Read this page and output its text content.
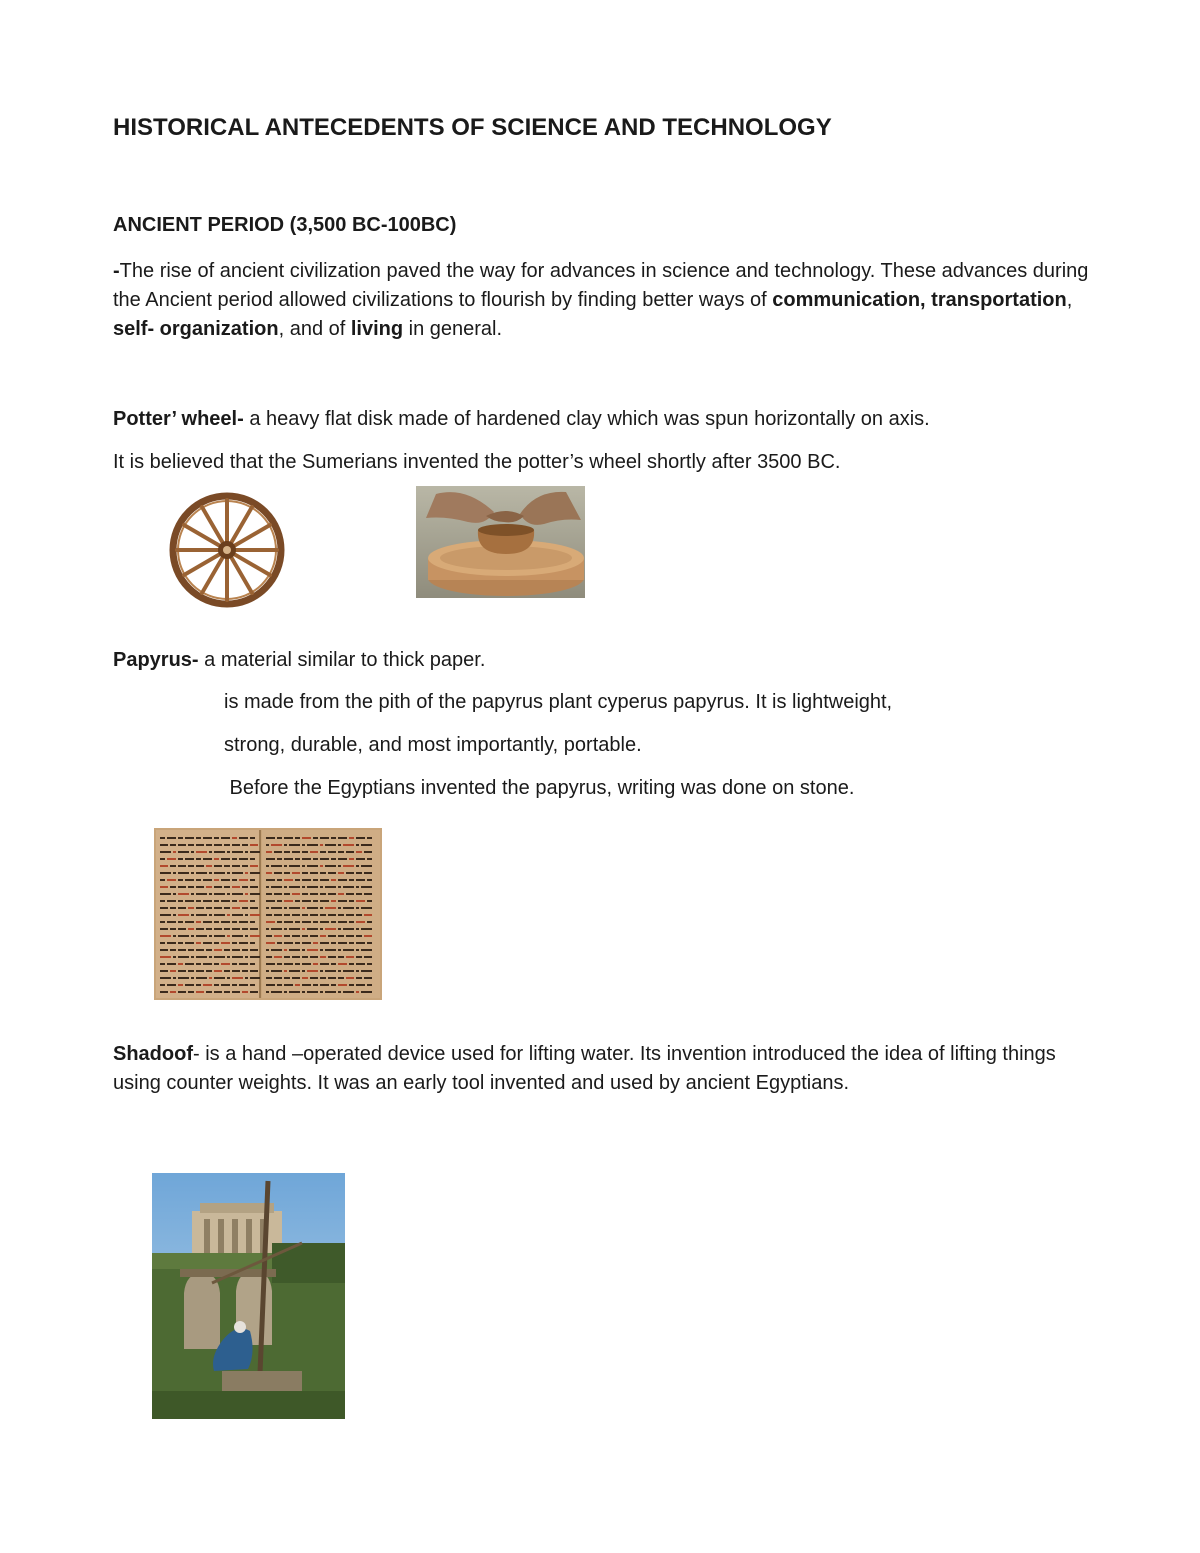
HISTORICAL ANTECEDENTS OF SCIENCE AND TECHNOLOGY
ANCIENT PERIOD (3,500 BC-100BC)
-The rise of ancient civilization paved the way for advances in science and technology. These advances during the Ancient period allowed civilizations to flourish by finding better ways of communication, transportation, self- organization, and of living in general.
Potter’ wheel- a heavy flat disk made of hardened clay which was spun horizontally on axis.
It is believed that the Sumerians invented the potter’s wheel shortly after 3500 BC.
Papyrus- a material similar to thick paper.
is made from the pith of the papyrus plant cyperus papyrus. It is lightweight,
strong, durable, and most importantly, portable.
Before the Egyptians invented the papyrus, writing was done on stone.
Shadoof- is a hand –operated device used for lifting water. Its invention introduced the idea of lifting things using counter weights. It was an early tool invented and used by ancient Egyptians.
